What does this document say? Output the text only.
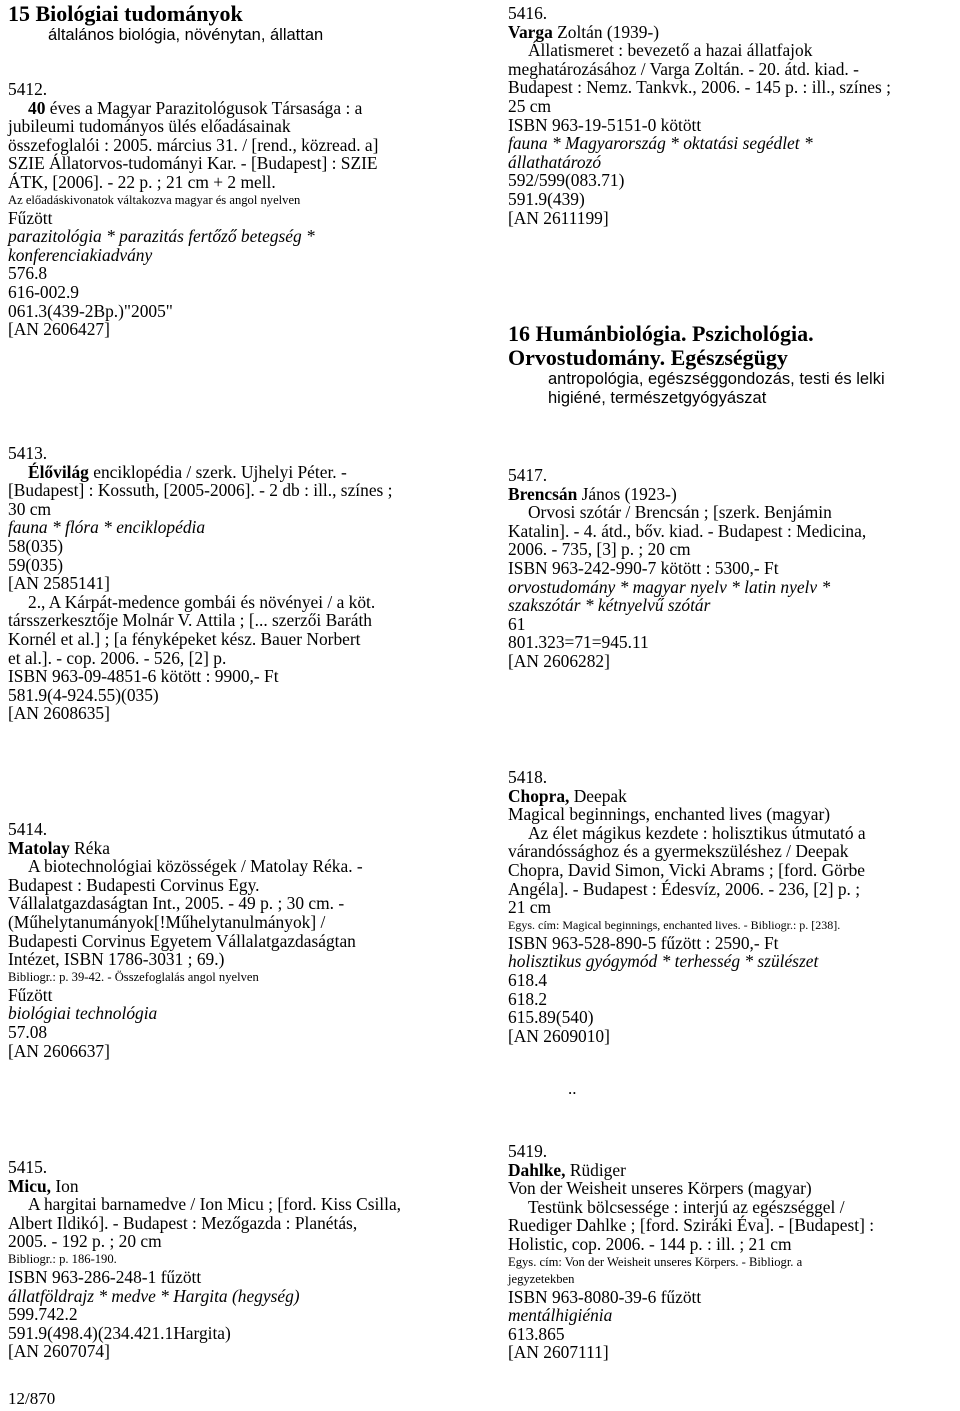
15 Biológiai tudományok
általános biológia, növénytan, állattan
5412.
40 éves a Magyar Parazitológusok Társasága : a
jubileumi tudományos ülés előadásainak
összefoglalói : 2005. március 31. / [rend., közread. a]
SZIE Állatorvos-tudományi Kar. - [Budapest] : SZIE
ÁTK, [2006]. - 22 p. ; 21 cm + 2 mell.
Az előadáskivonatok váltakozva magyar és angol nyelven
Fűzött
parazitológia * parazitás fertőző betegség *
konferenciakiadvány
576.8
616-002.9
061.3(439-2Bp.)"2005"
[AN 2606427]
5413.
Élővilág enciklopédia / szerk. Ujhelyi Péter. -
[Budapest] : Kossuth, [2005-2006]. - 2 db : ill., színes ;
30 cm
fauna * flóra * enciklopédia
58(035)
59(035)
[AN 2585141]
2., A Kárpát-medence gombái és növényei / a köt.
társszerkesztője Molnár V. Attila ; [... szerzői Baráth
Kornél et al.] ; [a fényképeket kész. Bauer Norbert
et al.]. - cop. 2006. - 526, [2] p.
ISBN 963-09-4851-6 kötött : 9900,- Ft
581.9(4-924.55)(035)
[AN 2608635]
5414.
Matolay Réka
A biotechnológiai közösségek / Matolay Réka. -
Budapest : Budapesti Corvinus Egy.
Vállalatgazdaságtan Int., 2005. - 49 p. ; 30 cm. -
(Műhelytanumányok[!Műhelytanulmányok] /
Budapesti Corvinus Egyetem Vállalatgazdaságtan
Intézet, ISBN 1786-3031 ; 69.)
Bibliogr.: p. 39-42. - Összefoglalás angol nyelven
Fűzött
biológiai technológia
57.08
[AN 2606637]
5415.
Micu, Ion
A hargitai barnamedve / Ion Micu ; [ford. Kiss Csilla,
Albert Ildikó]. - Budapest : Mezőgazda : Planétás,
2005. - 192 p. ; 20 cm
Bibliogr.: p. 186-190.
ISBN 963-286-248-1 fűzött
állatföldrajz * medve * Hargita (hegység)
599.742.2
591.9(498.4)(234.421.1Hargita)
[AN 2607074]
12/870
5416.
Varga Zoltán (1939-)
Állatismeret : bevezető a hazai állatfajok
meghatározásához / Varga Zoltán. - 20. átd. kiad. -
Budapest : Nemz. Tankvk., 2006. - 145 p. : ill., színes ;
25 cm
ISBN 963-19-5151-0 kötött
fauna * Magyarország * oktatási segédlet *
állathatározó
592/599(083.71)
591.9(439)
[AN 2611199]
16 Humánbiológia. Pszichológia.
Orvostudomány. Egészségügy
antropológia, egészséggondozás, testi és lelki
higiéné, természetgyógyászat
5417.
Brencsán János (1923-)
Orvosi szótár / Brencsán ; [szerk. Benjámin
Katalin]. - 4. átd., bőv. kiad. - Budapest : Medicina,
2006. - 735, [3] p. ; 20 cm
ISBN 963-242-990-7 kötött : 5300,- Ft
orvostudomány * magyar nyelv * latin nyelv *
szakszótár * kétnyelvű szótár
61
801.323=71=945.11
[AN 2606282]
5418.
Chopra, Deepak
Magical beginnings, enchanted lives (magyar)
Az élet mágikus kezdete : holisztikus útmutató a
várandóssághoz és a gyermekszüléshez / Deepak
Chopra, David Simon, Vicki Abrams ; [ford. Görbe
Angéla]. - Budapest : Édesvíz, 2006. - 236, [2] p. ;
21 cm
Egys. cím: Magical beginnings, enchanted lives. - Bibliogr.: p. [238].
ISBN 963-528-890-5 fűzött : 2590,- Ft
holisztikus gyógymód * terhesség * szülészet
618.4
618.2
615.89(540)
[AN 2609010]
..
5419.
Dahlke, Rüdiger
Von der Weisheit unseres Körpers (magyar)
Testünk bölcsessége : interjú az egészséggel /
Ruediger Dahlke ; [ford. Sziráki Éva]. - [Budapest] :
Holistic, cop. 2006. - 144 p. : ill. ; 21 cm
Egys. cím: Von der Weisheit unseres Körpers. - Bibliogr. a
jegyzetekben
ISBN 963-8080-39-6 fűzött
mentálhigiénia
613.865
[AN 2607111]
